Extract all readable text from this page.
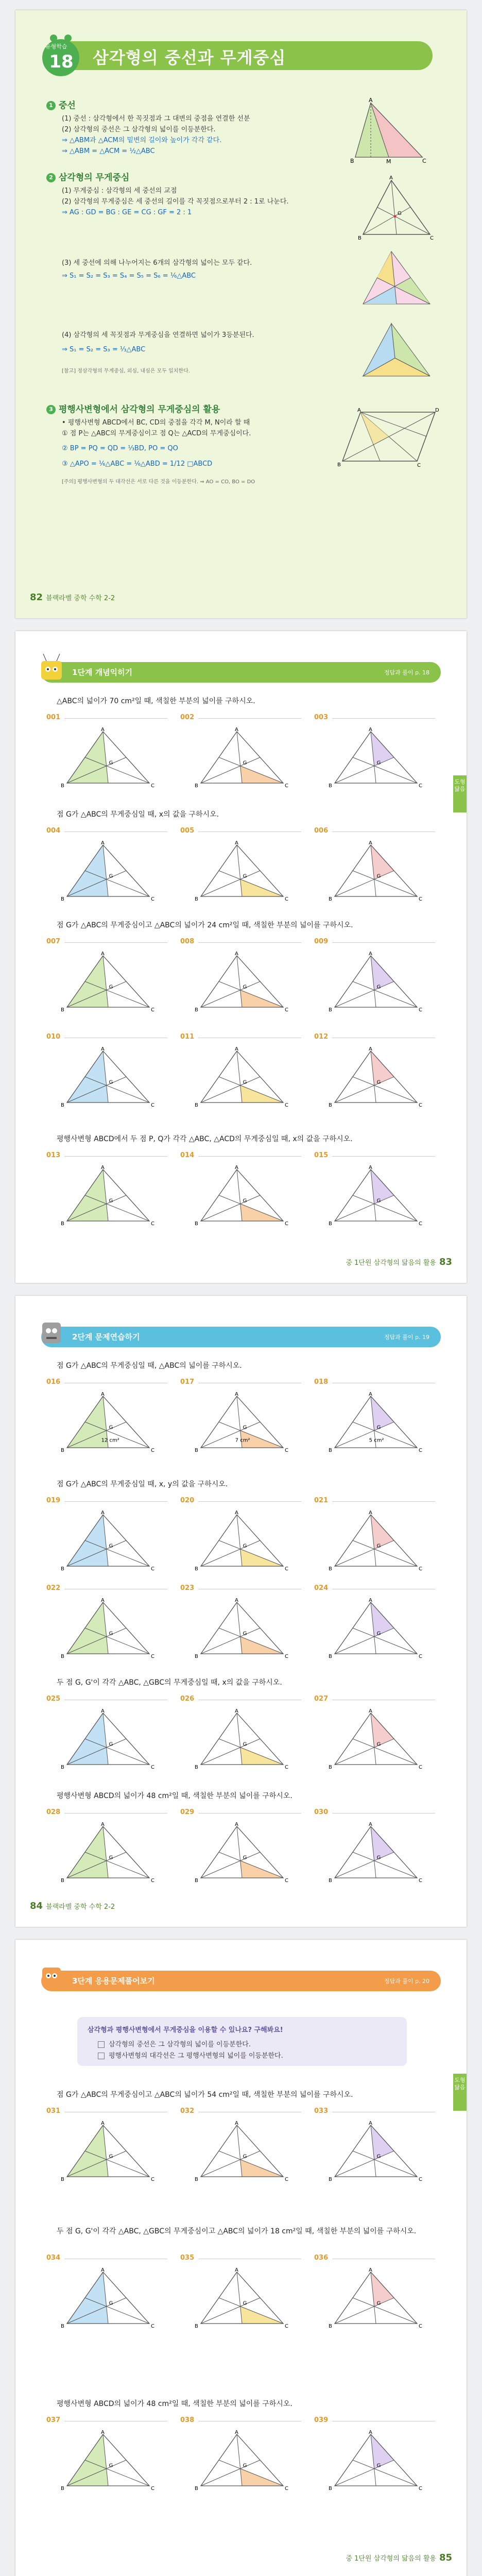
유형학습
18 삼각형의 중선과 무게중심
1 중선
(1) 중선 : 삼각형에서 한 꼭짓점과 그 대변의 중점을 연결한 선분
(2) 삼각형의 중선은 그 삼각형의 넓이를 이등분한다.
⇒ △ABM과 △ACM의 밑변의 길이와 높이가 각각 같다.
⇒ △ABM = △ACM = ½△ABC
A
B	M	C
2 삼각형의 무게중심
(1) 무게중심 : 삼각형의 세 중선의 교점
(2) 삼각형의 무게중심은 세 중선의 길이를 각 꼭짓점으로부터 2 : 1로 나눈다.
⇒ AG : GD = BG : GE = CG : GF = 2 : 1
A
B	C
G
(3) 세 중선에 의해 나누어지는 6개의 삼각형의 넓이는 모두 같다.
⇒ S₁ = S₂ = S₃ = S₄ = S₅ = S₆ = ⅙△ABC
(4) 삼각형의 세 꼭짓점과 무게중심을 연결하면 넓이가 3등분된다.
⇒ S₁ = S₂ = S₃ = ⅓△ABC
[참고] 정삼각형의 무게중심, 외심, 내심은 모두 일치한다.
3 평행사변형에서 삼각형의 무게중심의 활용
• 평행사변형 ABCD에서 BC, CD의 중점을 각각 M, N이라 할 때
① 점 P는 △ABC의 무게중심이고 점 Q는 △ACD의 무게중심이다.
② BP = PQ = QD = ⅓BD, PO = QO
③ △APO = ⅙△ABC = ⅙△ABD = 1/12 □ABCD
[주의] 평행사변형의 두 대각선은 서로 다른 것을 이등분한다. ⇒ AO = CO, BO = DO
A	D
B	C
82 블랙라벨 중학 수학 2-2
1단계 개념익히기	정답과 풀이 p. 18
도형
닮음
△ABC의 넓이가 70 cm²일 때, 색칠한 부분의 넓이를 구하시오.
점 G가 △ABC의 무게중심일 때, x의 값을 구하시오.
점 G가 △ABC의 무게중심이고 △ABC의 넓이가 24 cm²일 때, 색칠한 부분의 넓이를 구하시오.
평행사변형 ABCD에서 두 점 P, Q가 각각 △ABC, △ACD의 무게중심일 때, x의 값을 구하시오.
중 1단원 삼각형의 닮음의 활용 83
001
A
B	C
G
002
A
B	C
G
003
A
B	C
G
004
A
B	C
G
005
A
B	C
G
006
A
B	C
G
007
A
B	C
G
008
A
B	C
G
009
A
B	C
G
010
A
B	C
G
011
A
B	C
G
012
A
B	C
G
013
A
B	C
G
014
A
B	C
G
015
A
B	C
G
2단계 문제연습하기	정답과 풀이 p. 19
점 G가 △ABC의 무게중심일 때, △ABC의 넓이를 구하시오.
점 G가 △ABC의 무게중심일 때, x, y의 값을 구하시오.
두 점 G, G'이 각각 △ABC, △GBC의 무게중심일 때, x의 값을 구하시오.
평행사변형 ABCD의 넓이가 48 cm²일 때, 색칠한 부분의 넓이를 구하시오.
84 블랙라벨 중학 수학 2-2
016
A
B	C
G
12 cm²
017
A
B	C
G
7 cm²
018
A
B	C
G
5 cm²
019
A
B	C
G
020
A
B	C
G
021
A
B	C
G
022
A
B	C
G
023
A
B	C
G
024
A
B	C
G
025
A
B	C
G
026
A
B	C
G
027
A
B	C
G
028
A
B	C
G
029
A
B	C
G
030
A
B	C
G
3단계 응용문제풀어보기	정답과 풀이 p. 20
도형
닮음
삼각형과 평행사변형에서 무게중심을 이용할 수 있나요? 구해봐요!
삼각형의 중선은 그 삼각형의 넓이를 이등분한다.
평행사변형의 대각선은 그 평행사변형의 넓이를 이등분한다.
점 G가 △ABC의 무게중심이고 △ABC의 넓이가 54 cm²일 때, 색칠한 부분의 넓이를 구하시오.
두 점 G, G'이 각각 △ABC, △GBC의 무게중심이고 △ABC의 넓이가 18 cm²일 때, 색칠한 부분의 넓이를 구하시오.
평행사변형 ABCD의 넓이가 48 cm²일 때, 색칠한 부분의 넓이를 구하시오.
중 1단원 삼각형의 닮음의 활용 85
031
A
B	C
G
032
A
B	C
G
033
A
B	C
G
034
A
B	C
G
035
A
B	C
G
036
A
B	C
G
037
A
B	C
G
038
A
B	C
G
039
A
B	C
G
